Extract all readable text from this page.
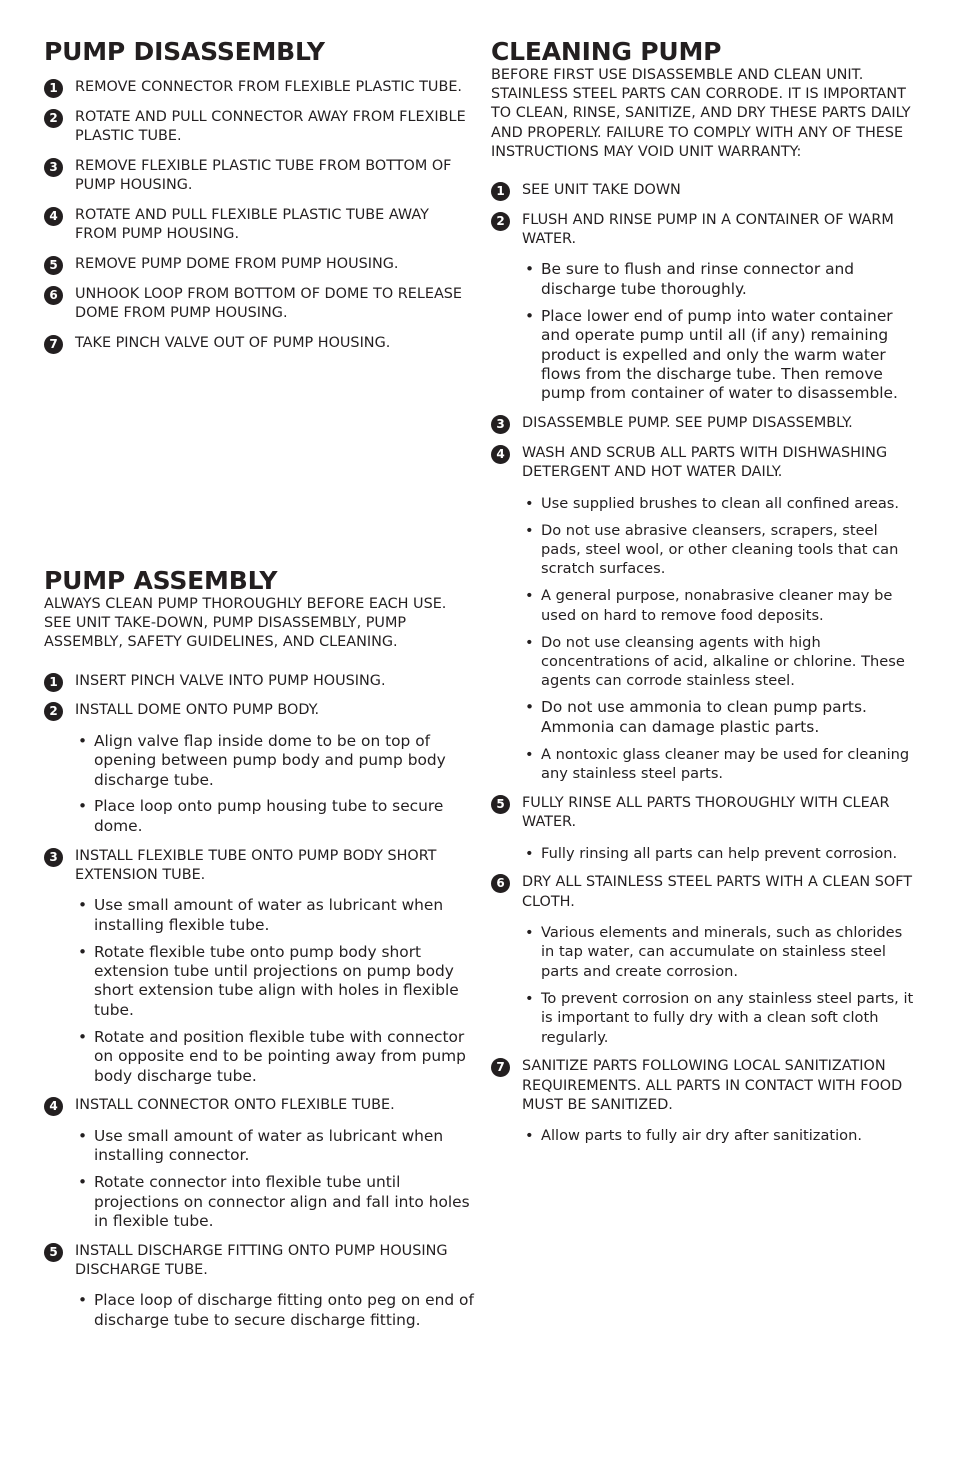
PUMP DISASSEMBLY
1	REMOVE CONNECTOR FROM FLEXIBLE PLASTIC TUBE.
2	ROTATE AND PULL CONNECTOR AWAY FROM FLEXIBLE PLASTIC TUBE.
3	REMOVE FLEXIBLE PLASTIC TUBE FROM BOTTOM OF PUMP HOUSING.
4	ROTATE AND PULL FLEXIBLE PLASTIC TUBE AWAY FROM PUMP HOUSING.
5	REMOVE PUMP DOME FROM PUMP HOUSING.
6	UNHOOK LOOP FROM BOTTOM OF DOME TO RELEASE DOME FROM PUMP HOUSING.
7	TAKE PINCH VALVE OUT OF PUMP HOUSING.
PUMP ASSEMBLY

ALWAYS CLEAN PUMP THOROUGHLY BEFORE EACH USE. SEE UNIT TAKE-DOWN, PUMP DISASSEMBLY, PUMP ASSEMBLY, SAFETY GUIDELINES, AND CLEANING.

1	INSERT PINCH VALVE INTO PUMP HOUSING.
2	INSTALL DOME ONTO PUMP BODY.
• Align valve flap inside dome to be on top of opening between pump body and pump body discharge tube.
• Place loop onto pump housing tube to secure dome.
3	INSTALL FLEXIBLE TUBE ONTO PUMP BODY SHORT EXTENSION TUBE.
• Use small amount of water as lubricant when installing flexible tube.
• Rotate flexible tube onto pump body short extension tube until projections on pump body short extension tube align with holes in flexible tube.
• Rotate and position flexible tube with connector on opposite end to be pointing away from pump body discharge tube.
4	INSTALL CONNECTOR ONTO FLEXIBLE TUBE.
• Use small amount of water as lubricant when installing connector.
• Rotate connector into flexible tube until projections on connector align and fall into holes in flexible tube.
5	INSTALL DISCHARGE FITTING ONTO PUMP HOUSING DISCHARGE TUBE.
• Place loop of discharge fitting onto peg on end of discharge tube to secure discharge fitting.
CLEANING PUMP

BEFORE FIRST USE DISASSEMBLE AND CLEAN UNIT. STAINLESS STEEL PARTS CAN CORRODE. IT IS IMPORTANT TO CLEAN, RINSE, SANITIZE, AND DRY THESE PARTS DAILY AND PROPERLY. FAILURE TO COMPLY WITH ANY OF THESE INSTRUCTIONS MAY VOID UNIT WARRANTY:

1	SEE UNIT TAKE DOWN
2	FLUSH AND RINSE PUMP IN A CONTAINER OF WARM WATER.
• Be sure to flush and rinse connector and discharge tube thoroughly.
• Place lower end of pump into water container and operate pump until all (if any) remaining product is expelled and only the warm water flows from the discharge tube. Then remove pump from container of water to disassemble.
3	DISASSEMBLE PUMP. SEE PUMP DISASSEMBLY.
4	WASH AND SCRUB ALL PARTS WITH DISHWASHING DETERGENT AND HOT WATER DAILY.
• Use supplied brushes to clean all confined areas.
• Do not use abrasive cleansers, scrapers, steel pads, steel wool, or other cleaning tools that can scratch surfaces.
• A general purpose, nonabrasive cleaner may be used on hard to remove food deposits.
• Do not use cleansing agents with high concentrations of acid, alkaline or chlorine. These agents can corrode stainless steel.
• Do not use ammonia to clean pump parts. Ammonia can damage plastic parts.
• A nontoxic glass cleaner may be used for cleaning any stainless steel parts.
5	FULLY RINSE ALL PARTS THOROUGHLY WITH CLEAR WATER.
• Fully rinsing all parts can help prevent corrosion.
6	DRY ALL STAINLESS STEEL PARTS WITH A CLEAN SOFT CLOTH.
• Various elements and minerals, such as chlorides in tap water, can accumulate on stainless steel parts and create corrosion.
• To prevent corrosion on any stainless steel parts, it is important to fully dry with a clean soft cloth regularly.
7	SANITIZE PARTS FOLLOWING LOCAL SANITIZATION REQUIREMENTS. ALL PARTS IN CONTACT WITH FOOD MUST BE SANITIZED.
• Allow parts to fully air dry after sanitization.
